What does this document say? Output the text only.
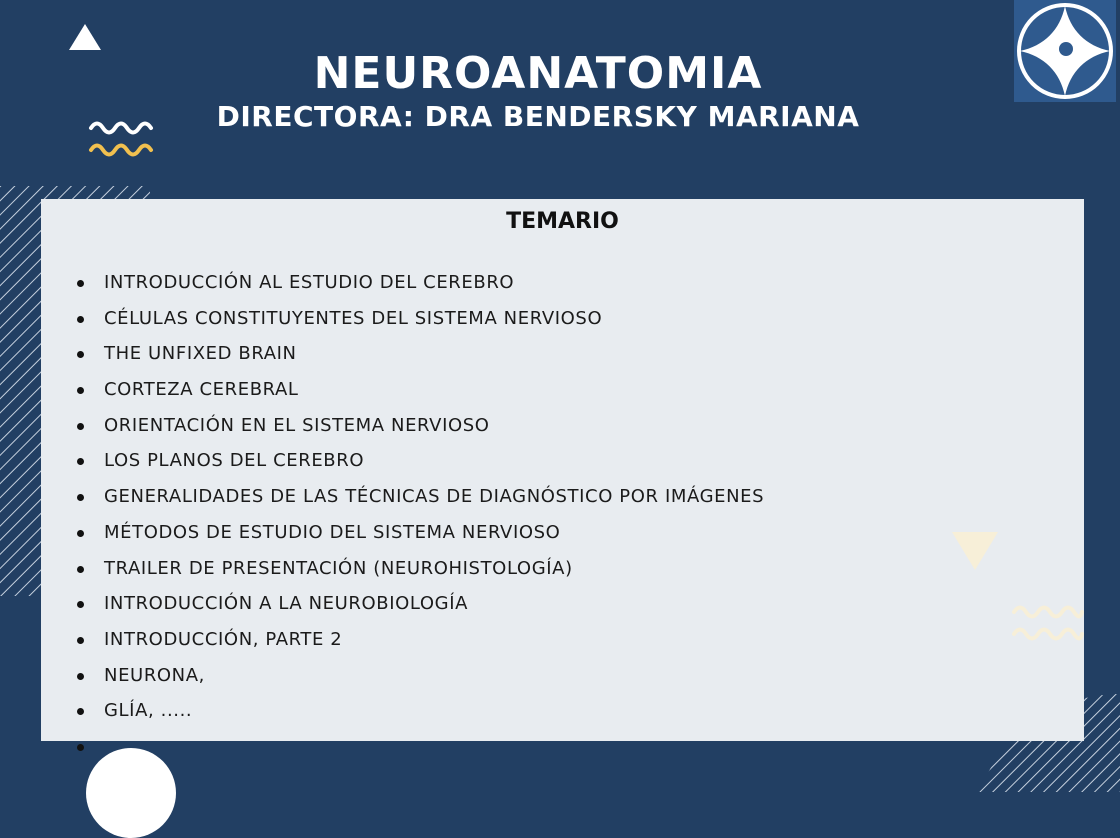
NEUROANATOMIA
DIRECTORA: DRA BENDERSKY MARIANA
TEMARIO
INTRODUCCIÓN AL ESTUDIO DEL CEREBRO
CÉLULAS CONSTITUYENTES DEL SISTEMA NERVIOSO
THE UNFIXED BRAIN
CORTEZA CEREBRAL
ORIENTACIÓN EN EL SISTEMA NERVIOSO
LOS PLANOS DEL CEREBRO
GENERALIDADES DE LAS TÉCNICAS DE DIAGNÓSTICO POR IMÁGENES
MÉTODOS DE ESTUDIO DEL SISTEMA NERVIOSO
TRAILER DE PRESENTACIÓN (NEUROHISTOLOGÍA)
INTRODUCCIÓN A LA NEUROBIOLOGÍA
INTRODUCCIÓN, PARTE 2
NEURONA,
GLÍA, .....
